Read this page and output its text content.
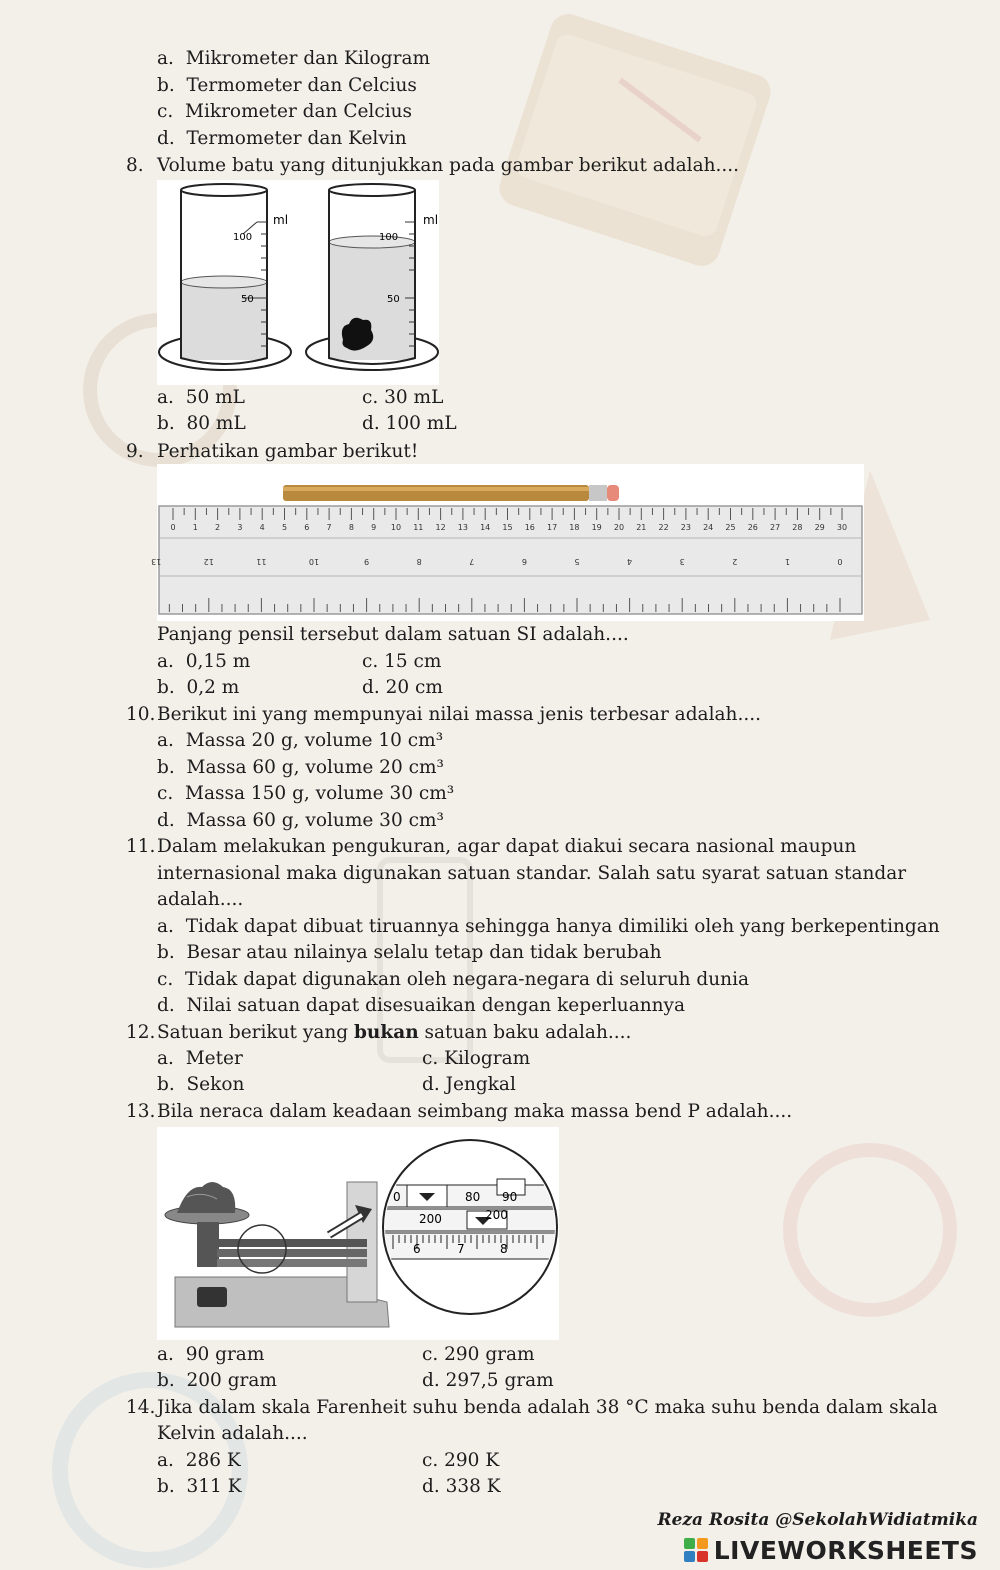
a. Mikrometer dan Kilogram
b. Termometer dan Celcius
c. Mikrometer dan Celcius
d. Termometer dan Kelvin
8. Volume batu yang ditunjukkan pada gambar berikut adalah....
ml
100
50
ml
100
50
a. 50 mL	c. 30 mL
b. 80 mL	d. 100 mL
9. Perhatikan gambar berikut!
0 1 2 3 4 5 6 7 8 9 10 11 12 13 14 15 16 17 18 19 20 21 22 23 24 25 26 27 28 29 30
0
1
2
3
4
5
6
7
8
9
10
11
12
13
Panjang pensil tersebut dalam satuan SI adalah....
a. 0,15 m	c. 15 cm
b. 0,2 m	d. 20 cm
10. Berikut ini yang mempunyai nilai massa jenis terbesar adalah....
a. Massa 20 g, volume 10 cm³
b. Massa 60 g, volume 20 cm³
c. Massa 150 g, volume 30 cm³
d. Massa 60 g, volume 30 cm³
11. Dalam melakukan pengukuran, agar dapat diakui secara nasional maupun
internasional maka digunakan satuan standar. Salah satu syarat satuan standar
adalah....
a. Tidak dapat dibuat tiruannya sehingga hanya dimiliki oleh yang berkepentingan
b. Besar atau nilainya selalu tetap dan tidak berubah
c. Tidak dapat digunakan oleh negara-negara di seluruh dunia
d. Nilai satuan dapat disesuaikan dengan keperluannya
12. Satuan berikut yang bukan satuan baku adalah....
a. Meter	c. Kilogram
b. Sekon	d. Jengkal
13. Bila neraca dalam keadaan seimbang maka massa bend P adalah....
0	80 90
200	200
6	7	8
a. 90 gram	c. 290 gram
b. 200 gram	d. 297,5 gram
14. Jika dalam skala Farenheit suhu benda adalah 38 °C maka suhu benda dalam skala
Kelvin adalah....
a. 286 K	c. 290 K
b. 311 K	d. 338 K
Reza Rosita @SekolahWidiatmika
LIVEWORKSHEETS
